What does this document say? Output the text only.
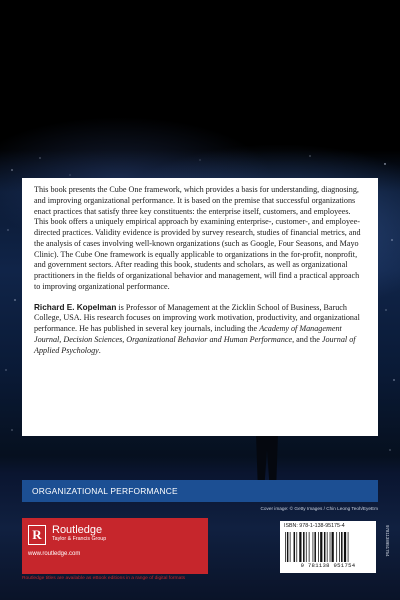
This book presents the Cube One framework, which provides a basis for understanding, diagnosing, and improving organizational performance. It is based on the premise that successful organizations enact practices that satisfy three key constituents: the enterprise itself, customers, and employees. This book offers a uniquely empirical approach by examining enterprise-, customer-, and employee-directed practices. Validity evidence is provided by survey research, studies of financial metrics, and the analysis of cases involving well-known organizations (such as Google, Four Seasons, and Mayo Clinic). The Cube One framework is equally applicable to organizations in the for-profit, nonprofit, and government sectors. After reading this book, students and scholars, as well as organizational practitioners in the fields of organizational behavior and management, will find a practical approach to improving organizational performance.

Richard E. Kopelman is Professor of Management at the Zicklin School of Business, Baruch College, USA. His research focuses on improving work motivation, productivity, and organizational performance. He has published in several key journals, including the Academy of Management Journal, Decision Sciences, Organizational Behavior and Human Performance, and the Journal of Applied Psychology.

ORGANIZATIONAL PERFORMANCE
Cover image: © Getty Images / Chin Leong Teoh/EyeEm
R Routledge
Taylor & Francis Group
www.routledge.com
Routledge titles are available as eBook editions in a range of digital formats
ISBN: 978-1-138-95175-4
9 781138 951754
9781138951754
